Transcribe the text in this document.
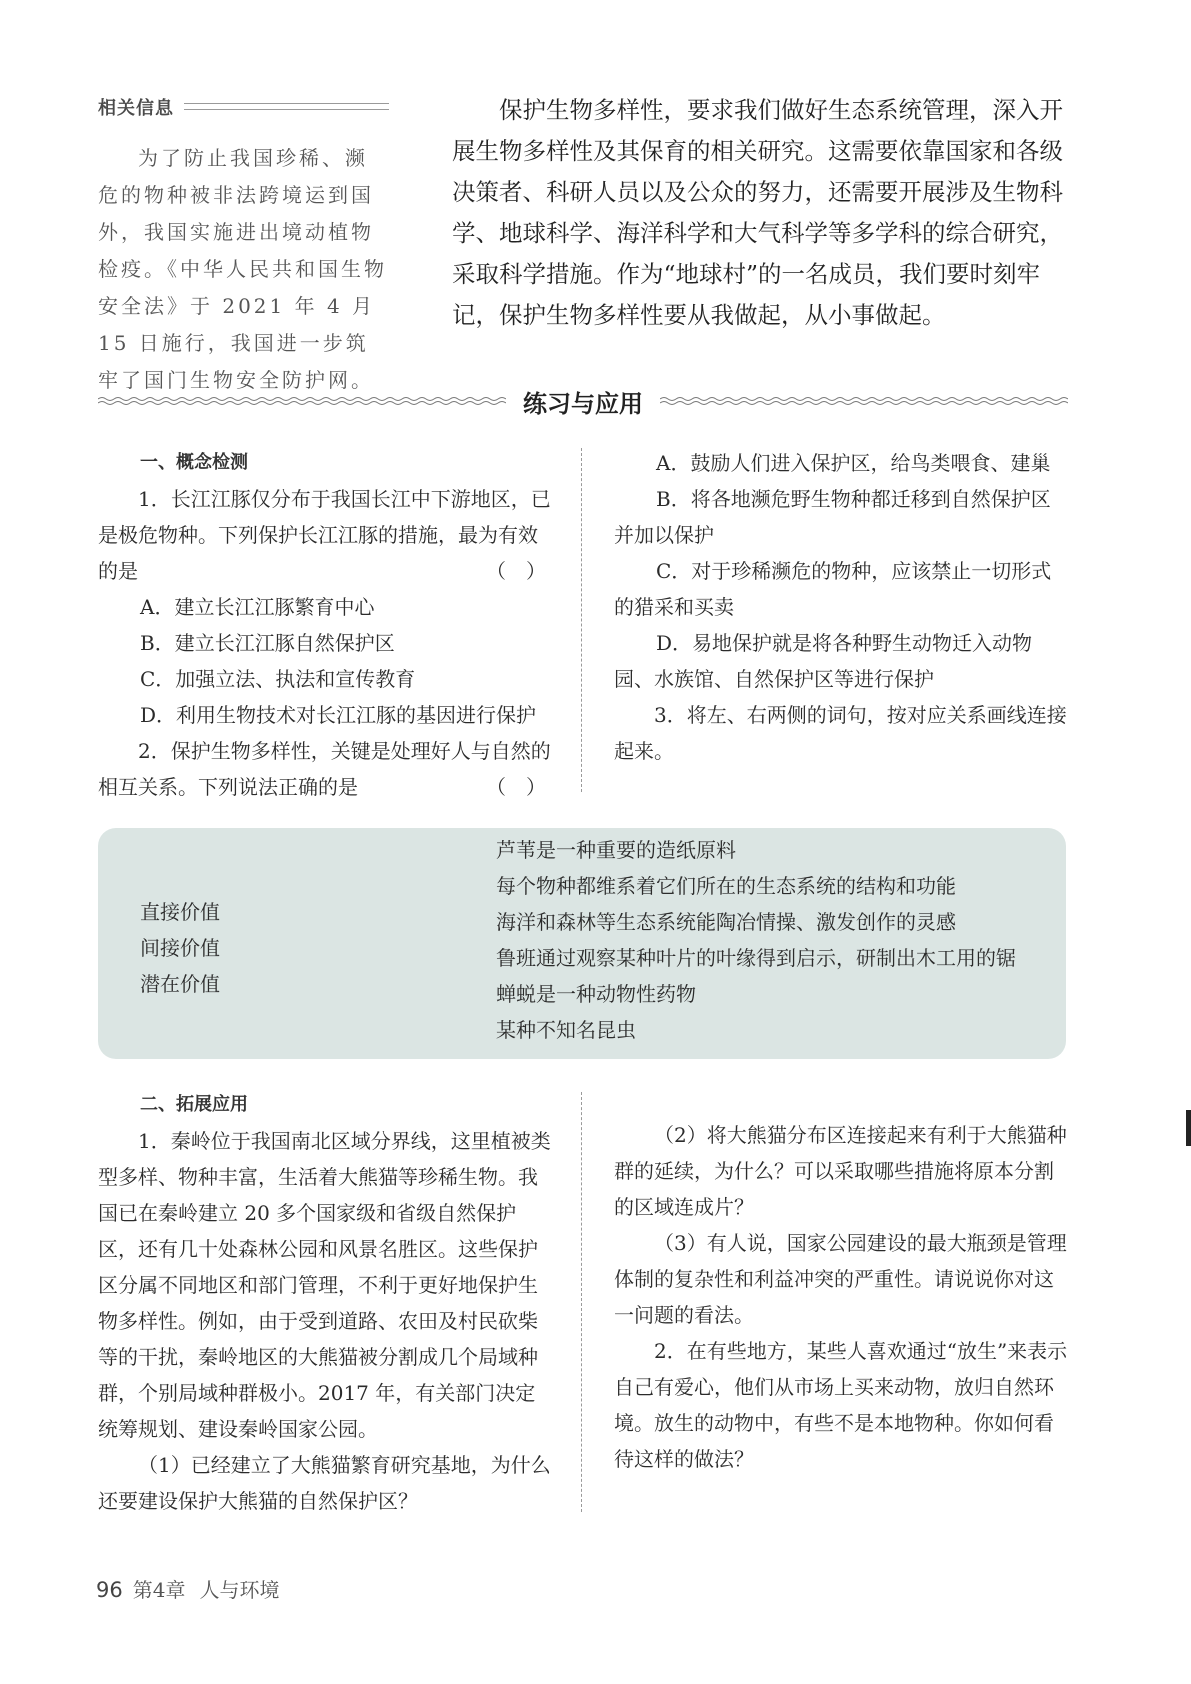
相关信息

为了防止我国珍稀、濒危的物种被非法跨境运到国外，我国实施进出境动植物检疫。《中华人民共和国生物安全法》于 2021 年 4 月 15 日施行，我国进一步筑牢了国门生物安全防护网。

保护生物多样性，要求我们做好生态系统管理，深入开展生物多样性及其保育的相关研究。这需要依靠国家和各级决策者、科研人员以及公众的努力，还需要开展涉及生物科学、地球科学、海洋科学和大气科学等多学科的综合研究，采取科学措施。作为“地球村”的一名成员，我们要时刻牢记，保护生物多样性要从我做起，从小事做起。

练习与应用

一、概念检测

1．长江江豚仅分布于我国长江中下游地区，已是极危物种。下列保护长江江豚的措施，最为有效的是	（　）

A．建立长江江豚繁育中心

B．建立长江江豚自然保护区

C．加强立法、执法和宣传教育

D．利用生物技术对长江江豚的基因进行保护

2．保护生物多样性，关键是处理好人与自然的相互关系。下列说法正确的是	（　）

A．鼓励人们进入保护区，给鸟类喂食、建巢

B．将各地濒危野生物种都迁移到自然保护区并加以保护

C．对于珍稀濒危的物种，应该禁止一切形式的猎采和买卖

D．易地保护就是将各种野生动物迁入动物园、水族馆、自然保护区等进行保护

3．将左、右两侧的词句，按对应关系画线连接起来。

直接价值

间接价值

潜在价值

芦苇是一种重要的造纸原料

每个物种都维系着它们所在的生态系统的结构和功能

海洋和森林等生态系统能陶冶情操、激发创作的灵感

鲁班通过观察某种叶片的叶缘得到启示，研制出木工用的锯

蝉蜕是一种动物性药物

某种不知名昆虫

二、拓展应用

1．秦岭位于我国南北区域分界线，这里植被类型多样、物种丰富，生活着大熊猫等珍稀生物。我国已在秦岭建立 20 多个国家级和省级自然保护区，还有几十处森林公园和风景名胜区。这些保护区分属不同地区和部门管理，不利于更好地保护生物多样性。例如，由于受到道路、农田及村民砍柴等的干扰，秦岭地区的大熊猫被分割成几个局域种群，个别局域种群极小。2017 年，有关部门决定统筹规划、建设秦岭国家公园。

（1）已经建立了大熊猫繁育研究基地，为什么还要建设保护大熊猫的自然保护区？

（2）将大熊猫分布区连接起来有利于大熊猫种群的延续，为什么？可以采取哪些措施将原本分割的区域连成片？

（3）有人说，国家公园建设的最大瓶颈是管理体制的复杂性和利益冲突的严重性。请说说你对这一问题的看法。

2．在有些地方，某些人喜欢通过“放生”来表示自己有爱心，他们从市场上买来动物，放归自然环境。放生的动物中，有些不是本地物种。你如何看待这样的做法？

96 第4章 人与环境
